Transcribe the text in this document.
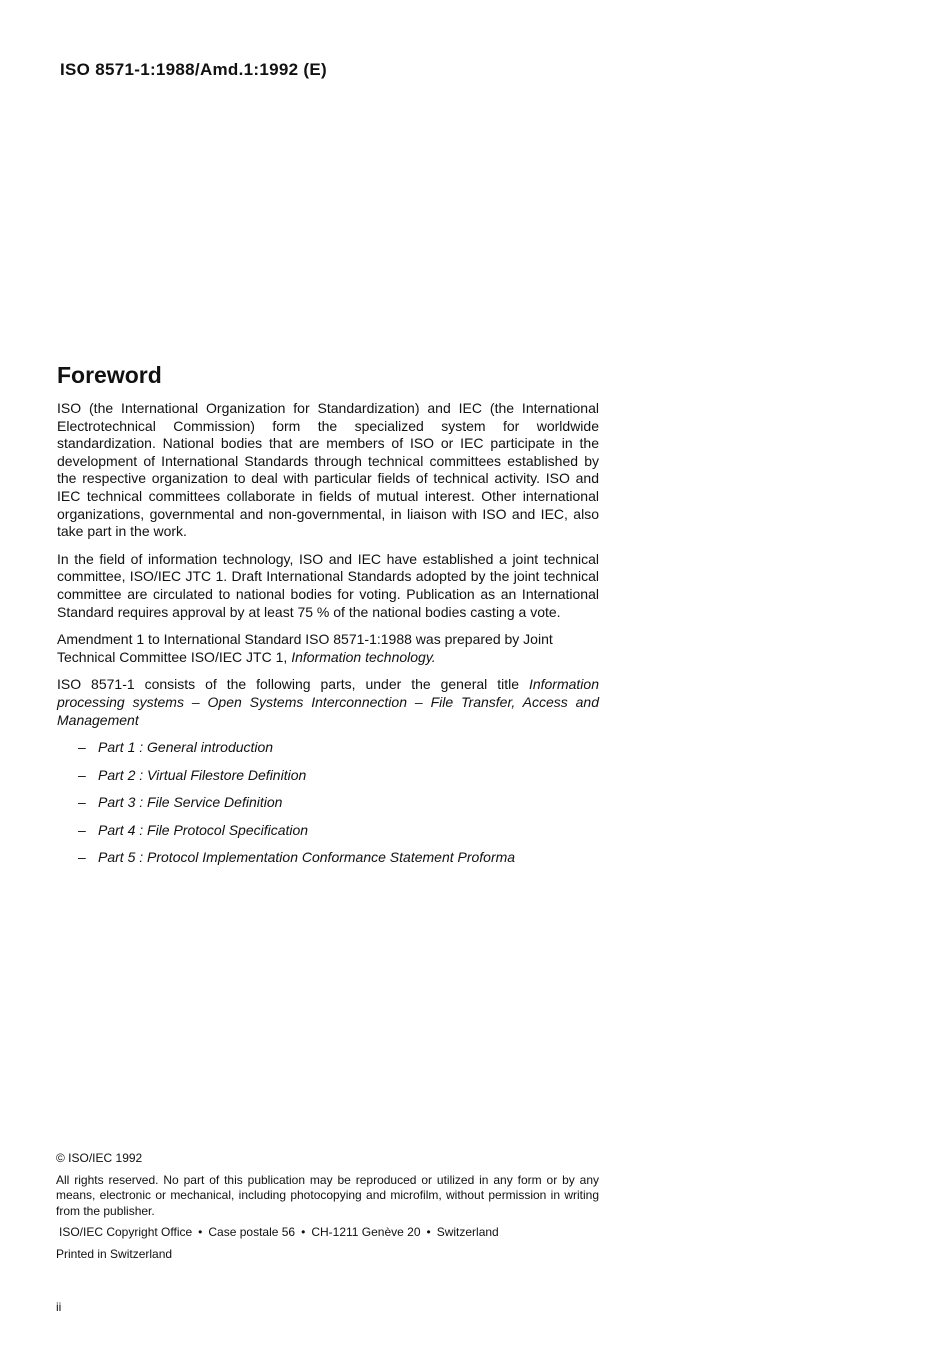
ISO 8571-1:1988/Amd.1:1992 (E)
Foreword

ISO (the International Organization for Standardization) and IEC (the International Electrotechnical Commission) form the specialized system for worldwide standardization. National bodies that are members of ISO or IEC participate in the development of International Standards through technical committees established by the respective organization to deal with particular fields of technical activity. ISO and IEC technical committees collaborate in fields of mutual interest. Other international organizations, governmental and non-governmental, in liaison with ISO and IEC, also take part in the work.

In the field of information technology, ISO and IEC have established a joint technical committee, ISO/IEC JTC 1. Draft International Standards adopted by the joint technical committee are circulated to national bodies for voting. Publication as an International Standard requires approval by at least 75 % of the national bodies casting a vote.

Amendment 1 to International Standard ISO 8571-1:1988 was prepared by Joint Technical Committee ISO/IEC JTC 1, Information technology.

ISO 8571-1 consists of the following parts, under the general title Information processing systems – Open Systems Interconnection – File Transfer, Access and Management

– Part 1 : General introduction
– Part 2 : Virtual Filestore Definition
– Part 3 : File Service Definition
– Part 4 : File Protocol Specification
– Part 5 : Protocol Implementation Conformance Statement Proforma

© ISO/IEC 1992

All rights reserved. No part of this publication may be reproduced or utilized in any form or by any means, electronic or mechanical, including photocopying and microfilm, without permission in writing from the publisher.

ISO/IEC Copyright Office • Case postale 56 • CH-1211 Genève 20 • Switzerland

Printed in Switzerland

ii
